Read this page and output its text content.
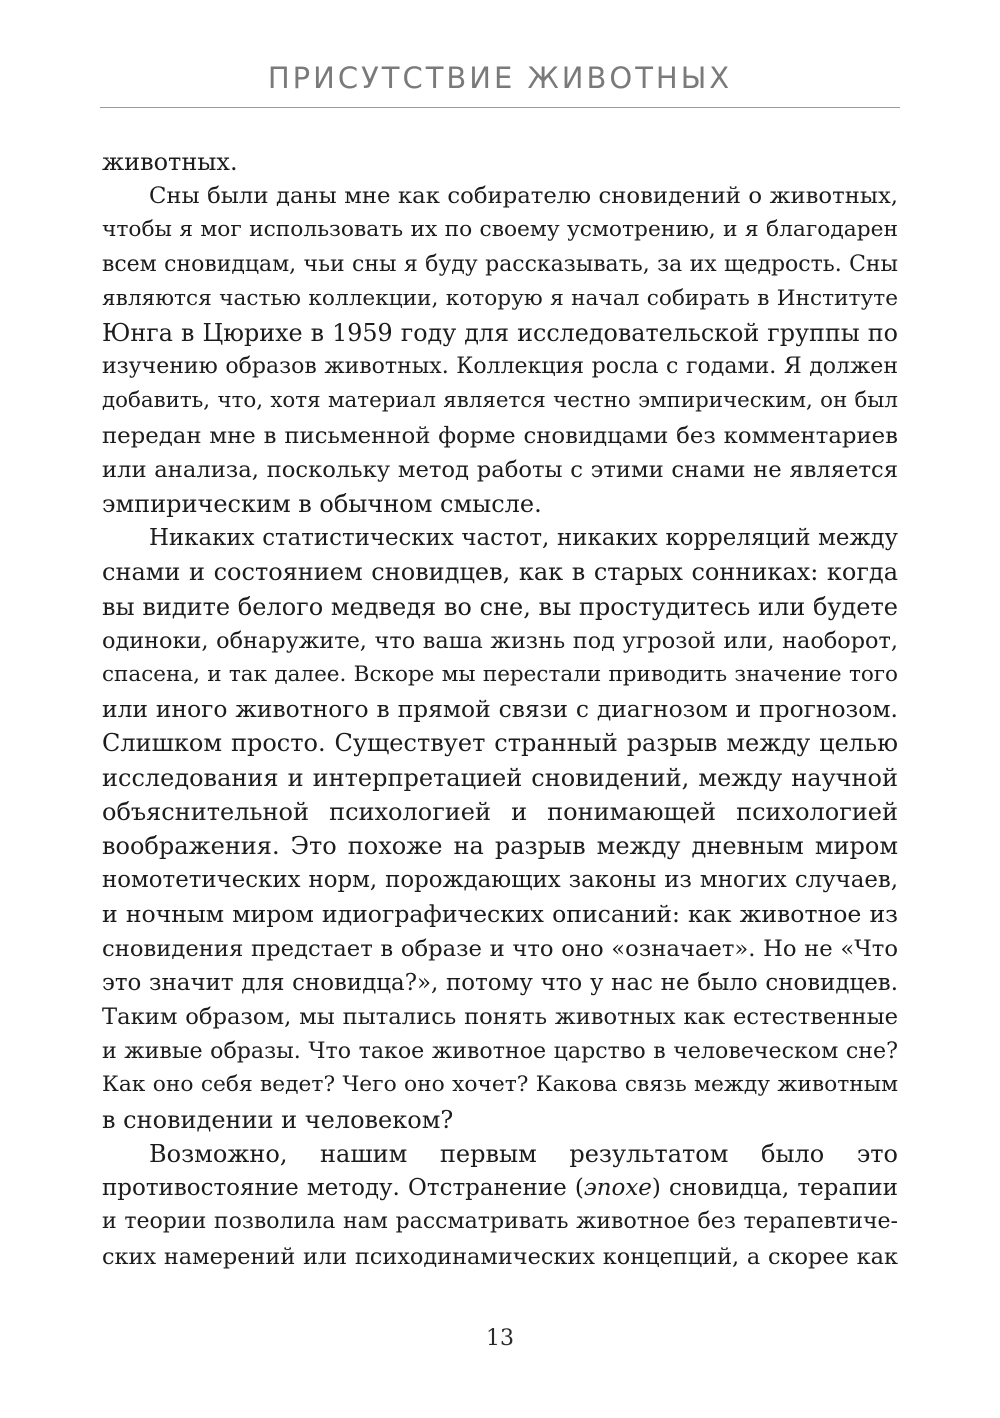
ПРИСУТСТВИЕ ЖИВОТНЫХ
животных.
Сны были даны мне как собирателю сновидений о животных,
чтобы я мог использовать их по своему усмотрению, и я благодарен
всем сновидцам, чьи сны я буду рассказывать, за их щедрость. Сны
являются частью коллекции, которую я начал собирать в Институте
Юнга в Цюрихе в 1959 году для исследовательской группы по
изучению образов животных. Коллекция росла с годами. Я должен
добавить, что, хотя материал является честно эмпирическим, он был
передан мне в письменной форме сновидцами без комментариев
или анализа, поскольку метод работы с этими снами не является
эмпирическим в обычном смысле.
Никаких статистических частот, никаких корреляций между
снами и состоянием сновидцев, как в старых сонниках: когда
вы видите белого медведя во сне, вы простудитесь или будете
одиноки, обнаружите, что ваша жизнь под угрозой или, наоборот,
спасена, и так далее. Вскоре мы перестали приводить значение того
или иного животного в прямой связи с диагнозом и прогнозом.
Слишком просто. Существует странный разрыв между целью
исследования и интерпретацией сновидений, между научной
объяснительной психологией и понимающей психологией
воображения. Это похоже на разрыв между дневным миром
номотетических норм, порождающих законы из многих случаев,
и ночным миром идиографических описаний: как животное из
сновидения предстает в образе и что оно «означает». Но не «Что
это значит для сновидца?», потому что у нас не было сновидцев.
Таким образом, мы пытались понять животных как естественные
и живые образы. Что такое животное царство в человеческом сне?
Как оно себя ведет? Чего оно хочет? Какова связь между животным
в сновидении и человеком?
Возможно, нашим первым результатом было это
противостояние методу. Отстранение (эпохе) сновидца, терапии
и теории позволила нам рассматривать животное без терапевтиче-
ских намерений или психодинамических концепций, а скорее как
13
